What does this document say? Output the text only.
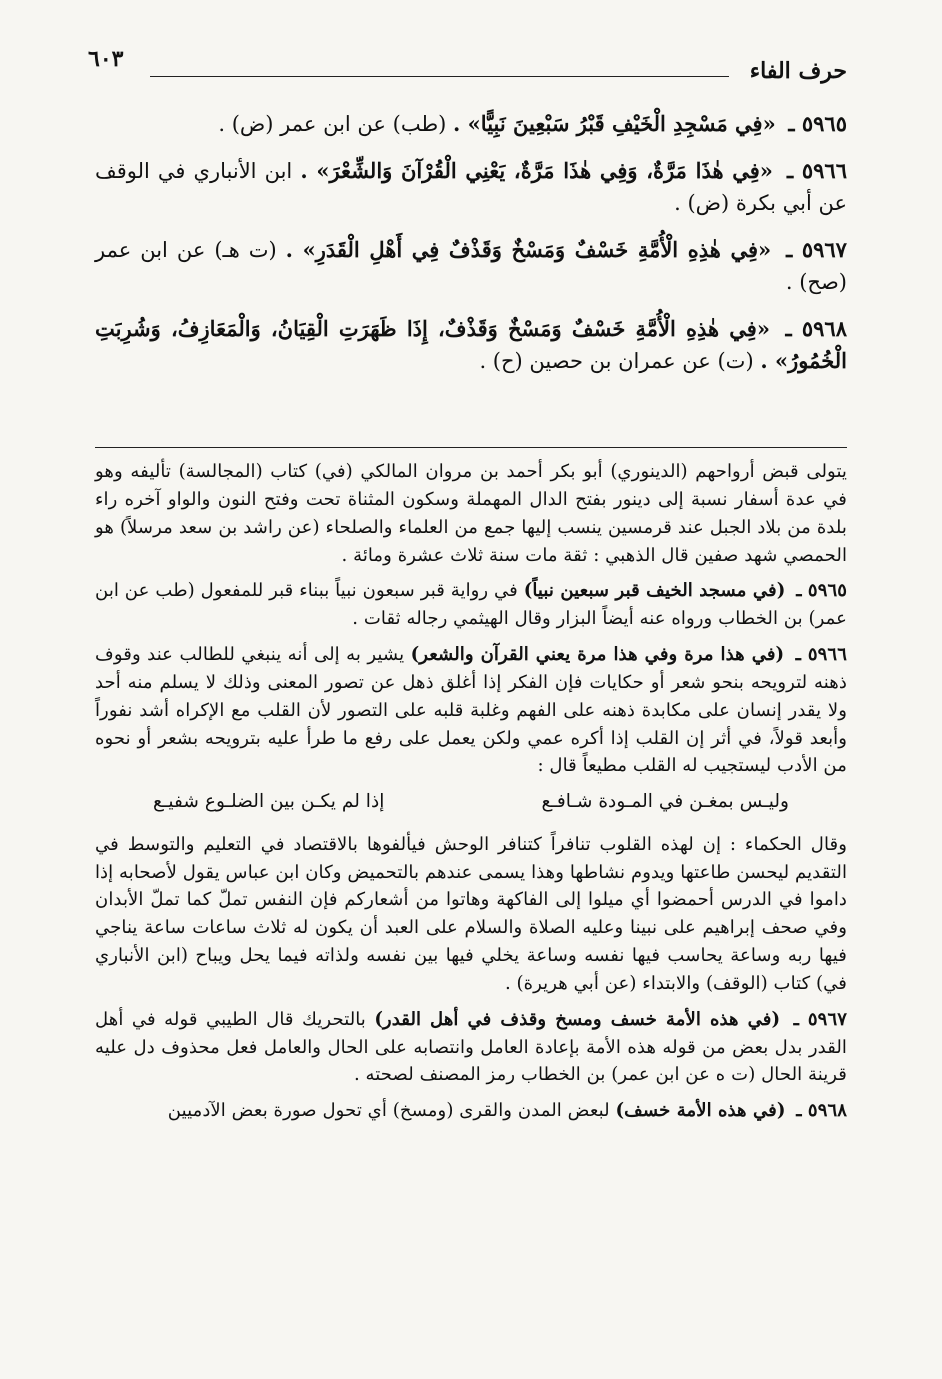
حرف الفاء
٦٠٣

٥٩٦٥ ـ «فِي مَسْجِدِ الْخَيْفِ قَبْرُ سَبْعِينَ نَبِيًّا» . (طب) عن ابن عمر (ض) .

٥٩٦٦ ـ «فِي هٰذَا مَرَّةٌ، وَفِي هٰذَا مَرَّةٌ، يَعْنِي الْقُرْآنَ وَالشِّعْرَ» . ابن الأنباري في الوقف عن أبي بكرة (ض) .

٥٩٦٧ ـ «فِي هٰذِهِ الْأُمَّةِ خَسْفٌ وَمَسْخٌ وَقَذْفٌ فِي أَهْلِ الْقَدَرِ» . (ت هـ) عن ابن عمر (صح) .

٥٩٦٨ ـ «فِي هٰذِهِ الْأُمَّةِ خَسْفٌ وَمَسْخٌ وَقَذْفٌ، إِذَا ظَهَرَتِ الْقِيَانُ، وَالْمَعَازِفُ، وَشُرِبَتِ الْخُمُورُ» . (ت) عن عمران بن حصين (ح) .

يتولى قبض أرواحهم (الدينوري) أبو بكر أحمد بن مروان المالكي (في) كتاب (المجالسة) تأليفه وهو في عدة أسفار نسبة إلى دينور بفتح الدال المهملة وسكون المثناة تحت وفتح النون والواو آخره راء بلدة من بلاد الجبل عند قرمسين ينسب إليها جمع من العلماء والصلحاء (عن راشد بن سعد مرسلاً) هو الحمصي شهد صفين قال الذهبي : ثقة مات سنة ثلاث عشرة ومائة .

٥٩٦٥ ـ (في مسجد الخيف قبر سبعين نبياً) في رواية قبر سبعون نبياً ببناء قبر للمفعول (طب عن ابن عمر) بن الخطاب ورواه عنه أيضاً البزار وقال الهيثمي رجاله ثقات .

٥٩٦٦ ـ (في هذا مرة وفي هذا مرة يعني القرآن والشعر) يشير به إلى أنه ينبغي للطالب عند وقوف ذهنه لترويحه بنحو شعر أو حكايات فإن الفكر إذا أغلق ذهل عن تصور المعنى وذلك لا يسلم منه أحد ولا يقدر إنسان على مكابدة ذهنه على الفهم وغلبة قلبه على التصور لأن القلب مع الإكراه أشد نفوراً وأبعد قولاً، في أثر إن القلب إذا أكره عمي ولكن يعمل على رفع ما طرأ عليه بترويحه بشعر أو نحوه من الأدب ليستجيب له القلب مطيعاً قال :

وليـس بمغـن في المـودة شـافـع
إذا لم يكـن بين الضلـوع شفيـع

وقال الحكماء : إن لهذه القلوب تنافراً كتنافر الوحش فيألفوها بالاقتصاد في التعليم والتوسط في التقديم ليحسن طاعتها ويدوم نشاطها وهذا يسمى عندهم بالتحميض وكان ابن عباس يقول لأصحابه إذا داموا في الدرس أحمضوا أي ميلوا إلى الفاكهة وهاتوا من أشعاركم فإن النفس تملّ كما تملّ الأبدان وفي صحف إبراهيم على نبينا وعليه الصلاة والسلام على العبد أن يكون له ثلاث ساعات ساعة يناجي فيها ربه وساعة يحاسب فيها نفسه وساعة يخلي فيها بين نفسه ولذاته فيما يحل ويباح (ابن الأنباري في) كتاب (الوقف) والابتداء (عن أبي هريرة) .

٥٩٦٧ ـ (في هذه الأمة خسف ومسخ وقذف في أهل القدر) بالتحريك قال الطيبي قوله في أهل القدر بدل بعض من قوله هذه الأمة بإعادة العامل وانتصابه على الحال والعامل فعل محذوف دل عليه قرينة الحال (ت ه عن ابن عمر) بن الخطاب رمز المصنف لصحته .

٥٩٦٨ ـ (في هذه الأمة خسف) لبعض المدن والقرى (ومسخ) أي تحول صورة بعض الآدميين
